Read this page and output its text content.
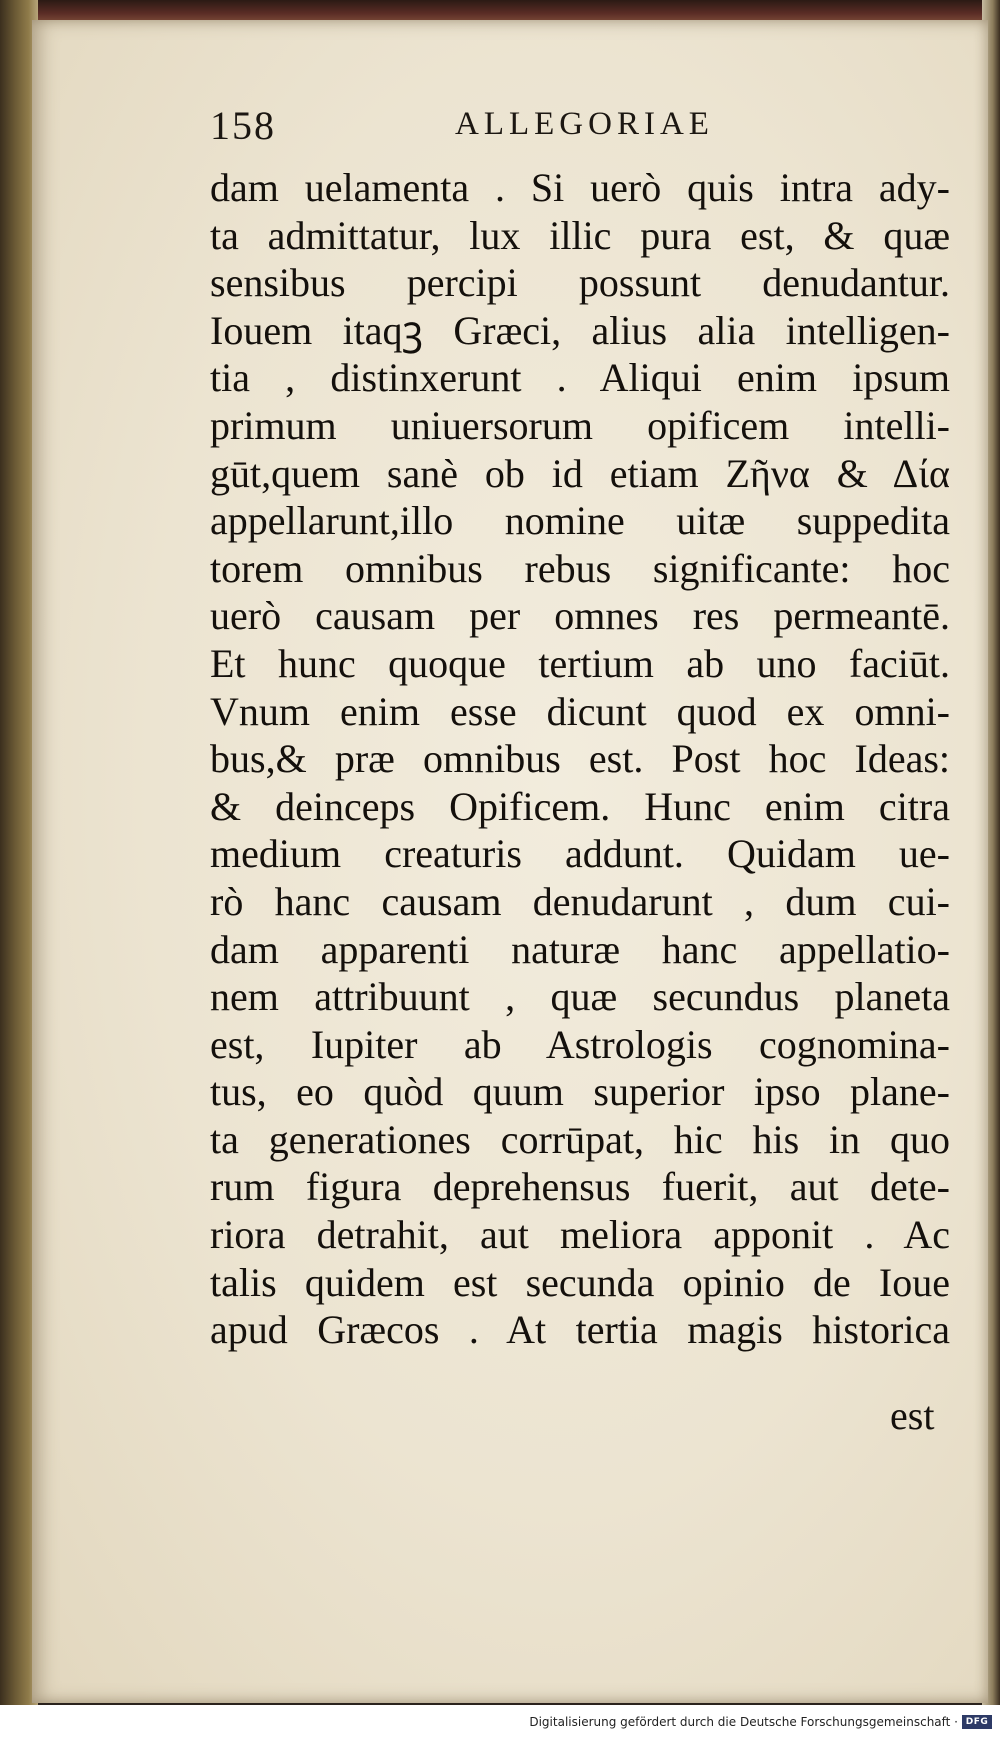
158	ALLEGORIAE
dam uelamenta . Si uerò quis intra ady-
ta admittatur, lux illic pura est, & quæ
sensibus percipi possunt denudantur.
Iouem itaqꝫ Græci, alius alia intelligen-
tia , distinxerunt . Aliqui enim ipsum
primum uniuersorum opificem intelli-
gūt,quem sanè ob id etiam Ζῆνα & Δία
appellarunt,illo nomine uitæ suppedita
torem omnibus rebus significante: hoc
uerò causam per omnes res permeantē.
Et hunc quoque tertium ab uno faciūt.
Vnum enim esse dicunt quod ex omni-
bus,& præ omnibus est. Post hoc Ideas:
& deinceps Opificem. Hunc enim citra
medium creaturis addunt. Quidam ue-
rò hanc causam denudarunt , dum cui-
dam apparenti naturæ hanc appellatio-
nem attribuunt , quæ secundus planeta
est, Iupiter ab Astrologis cognomina-
tus, eo quòd quum superior ipso plane-
ta generationes corrūpat, hic his in quo
rum figura deprehensus fuerit, aut dete-
riora detrahit, aut meliora apponit . Ac
talis quidem est secunda opinio de Ioue
apud Græcos . At tertia magis historica
est
Digitalisierung gefördert durch die Deutsche Forschungsgemeinschaft · DFG
